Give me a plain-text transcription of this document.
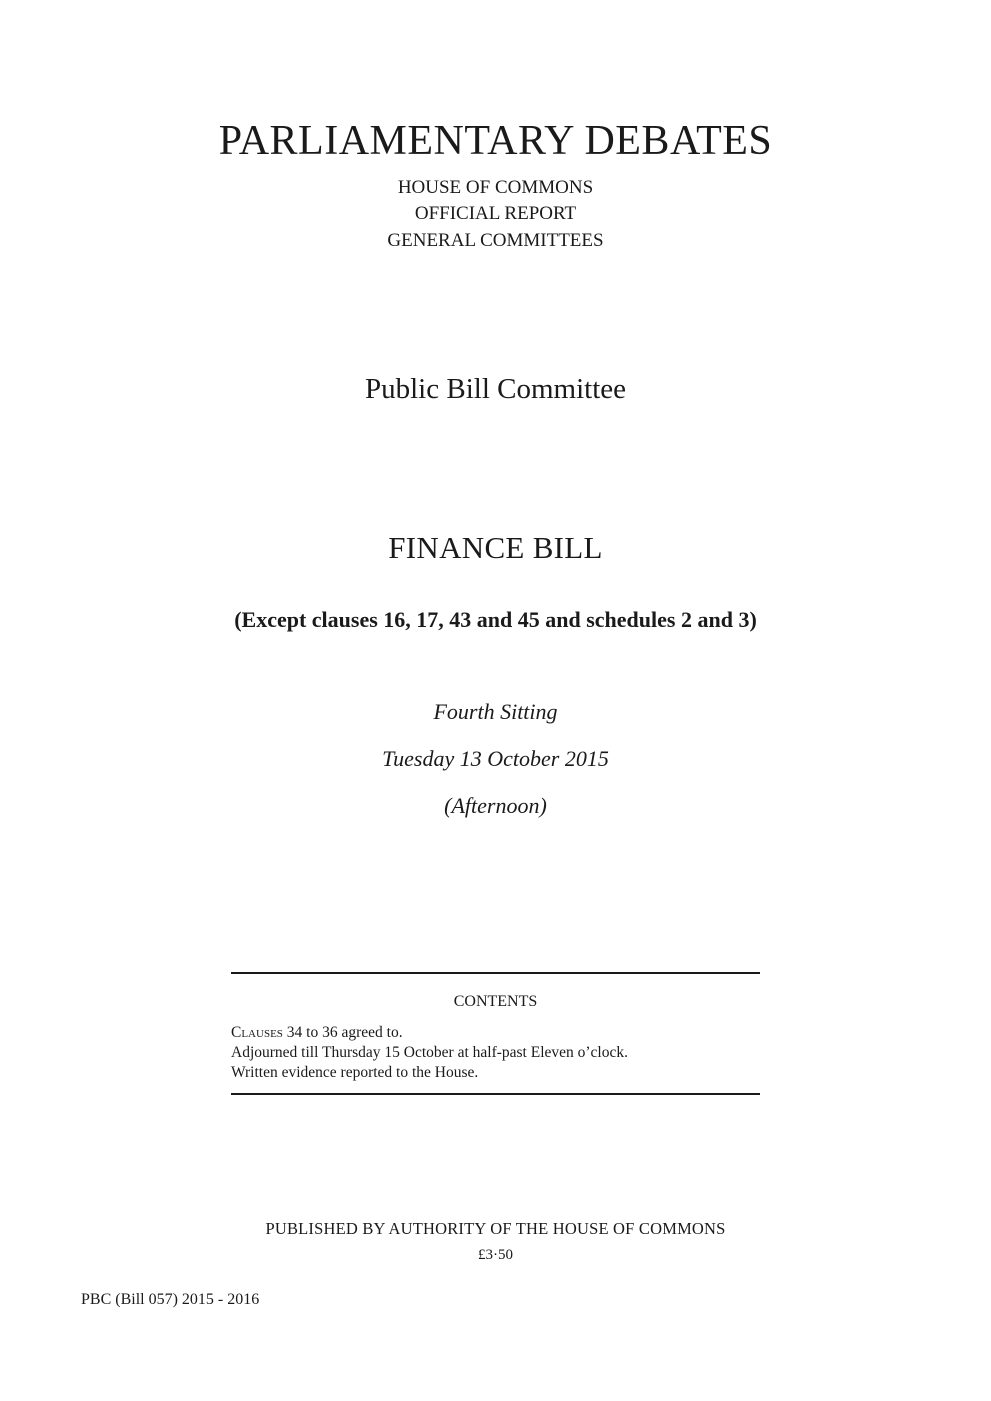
PARLIAMENTARY DEBATES
HOUSE OF COMMONS
OFFICIAL REPORT
GENERAL COMMITTEES
Public Bill Committee
FINANCE BILL
(Except clauses 16, 17, 43 and 45 and schedules 2 and 3)
Fourth Sitting
Tuesday 13 October 2015
(Afternoon)
CONTENTS
Clauses 34 to 36 agreed to.
Adjourned till Thursday 15 October at half-past Eleven o’clock.
Written evidence reported to the House.
PUBLISHED BY AUTHORITY OF THE HOUSE OF COMMONS
£3·50
PBC (Bill 057) 2015 - 2016
